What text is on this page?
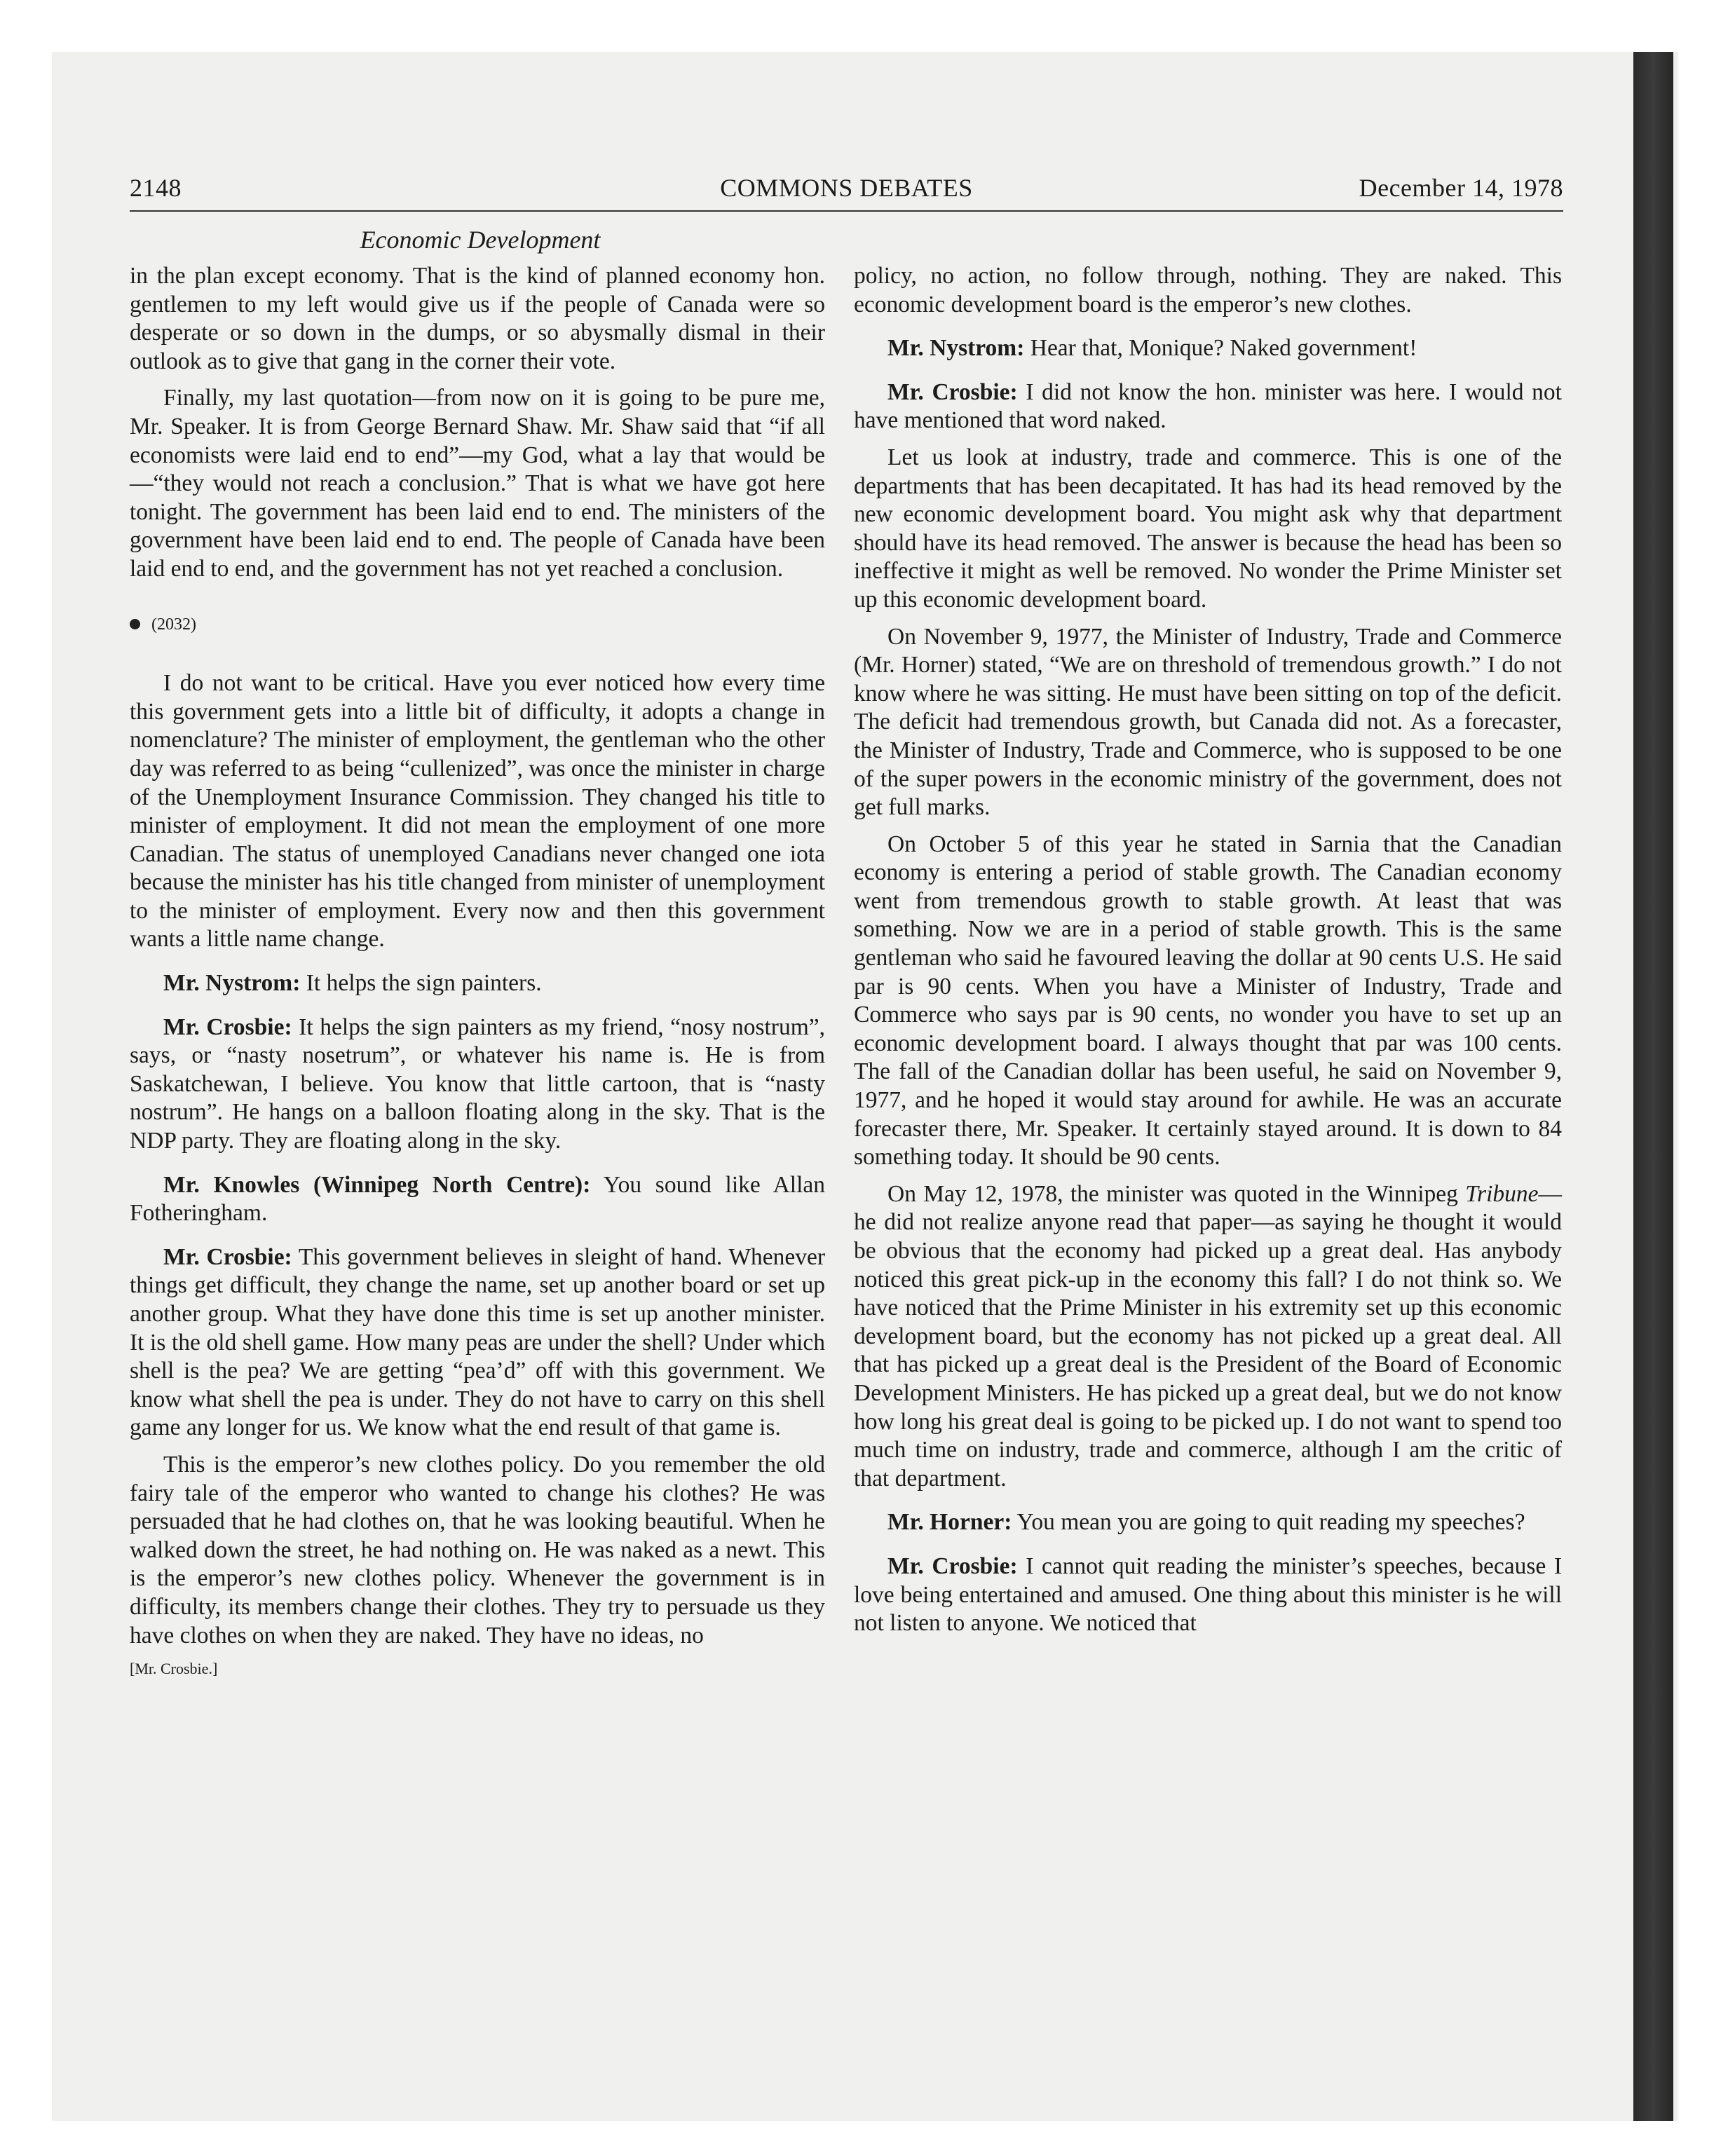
2148	COMMONS DEBATES	December 14, 1978
Economic Development

in the plan except economy. That is the kind of planned economy hon. gentlemen to my left would give us if the people of Canada were so desperate or so down in the dumps, or so abysmally dismal in their outlook as to give that gang in the corner their vote.

Finally, my last quotation—from now on it is going to be pure me, Mr. Speaker. It is from George Bernard Shaw. Mr. Shaw said that “if all economists were laid end to end”—my God, what a lay that would be—“they would not reach a conclusion.” That is what we have got here tonight. The government has been laid end to end. The ministers of the government have been laid end to end. The people of Canada have been laid end to end, and the government has not yet reached a conclusion.

(2032)

I do not want to be critical. Have you ever noticed how every time this government gets into a little bit of difficulty, it adopts a change in nomenclature? The minister of employment, the gentleman who the other day was referred to as being “cullenized”, was once the minister in charge of the Unemployment Insurance Commission. They changed his title to minister of employment. It did not mean the employment of one more Canadian. The status of unemployed Canadians never changed one iota because the minister has his title changed from minister of unemployment to the minister of employment. Every now and then this government wants a little name change.

Mr. Nystrom: It helps the sign painters.

Mr. Crosbie: It helps the sign painters as my friend, “nosy nostrum”, says, or “nasty nosetrum”, or whatever his name is. He is from Saskatchewan, I believe. You know that little cartoon, that is “nasty nostrum”. He hangs on a balloon floating along in the sky. That is the NDP party. They are floating along in the sky.

Mr. Knowles (Winnipeg North Centre): You sound like Allan Fotheringham.

Mr. Crosbie: This government believes in sleight of hand. Whenever things get difficult, they change the name, set up another board or set up another group. What they have done this time is set up another minister. It is the old shell game. How many peas are under the shell? Under which shell is the pea? We are getting “pea’d” off with this government. We know what shell the pea is under. They do not have to carry on this shell game any longer for us. We know what the end result of that game is.

This is the emperor’s new clothes policy. Do you remember the old fairy tale of the emperor who wanted to change his clothes? He was persuaded that he had clothes on, that he was looking beautiful. When he walked down the street, he had nothing on. He was naked as a newt. This is the emperor’s new clothes policy. Whenever the government is in difficulty, its members change their clothes. They try to persuade us they have clothes on when they are naked. They have no ideas, no

[Mr. Crosbie.]

policy, no action, no follow through, nothing. They are naked. This economic development board is the emperor’s new clothes.

Mr. Nystrom: Hear that, Monique? Naked government!

Mr. Crosbie: I did not know the hon. minister was here. I would not have mentioned that word naked.

Let us look at industry, trade and commerce. This is one of the departments that has been decapitated. It has had its head removed by the new economic development board. You might ask why that department should have its head removed. The answer is because the head has been so ineffective it might as well be removed. No wonder the Prime Minister set up this economic development board.

On November 9, 1977, the Minister of Industry, Trade and Commerce (Mr. Horner) stated, “We are on threshold of tremendous growth.” I do not know where he was sitting. He must have been sitting on top of the deficit. The deficit had tremendous growth, but Canada did not. As a forecaster, the Minister of Industry, Trade and Commerce, who is supposed to be one of the super powers in the economic ministry of the government, does not get full marks.

On October 5 of this year he stated in Sarnia that the Canadian economy is entering a period of stable growth. The Canadian economy went from tremendous growth to stable growth. At least that was something. Now we are in a period of stable growth. This is the same gentleman who said he favoured leaving the dollar at 90 cents U.S. He said par is 90 cents. When you have a Minister of Industry, Trade and Commerce who says par is 90 cents, no wonder you have to set up an economic development board. I always thought that par was 100 cents. The fall of the Canadian dollar has been useful, he said on November 9, 1977, and he hoped it would stay around for awhile. He was an accurate forecaster there, Mr. Speaker. It certainly stayed around. It is down to 84 something today. It should be 90 cents.

On May 12, 1978, the minister was quoted in the Winnipeg Tribune—he did not realize anyone read that paper—as saying he thought it would be obvious that the economy had picked up a great deal. Has anybody noticed this great pick-up in the economy this fall? I do not think so. We have noticed that the Prime Minister in his extremity set up this economic development board, but the economy has not picked up a great deal. All that has picked up a great deal is the President of the Board of Economic Development Ministers. He has picked up a great deal, but we do not know how long his great deal is going to be picked up. I do not want to spend too much time on industry, trade and commerce, although I am the critic of that department.

Mr. Horner: You mean you are going to quit reading my speeches?

Mr. Crosbie: I cannot quit reading the minister’s speeches, because I love being entertained and amused. One thing about this minister is he will not listen to anyone. We noticed that
